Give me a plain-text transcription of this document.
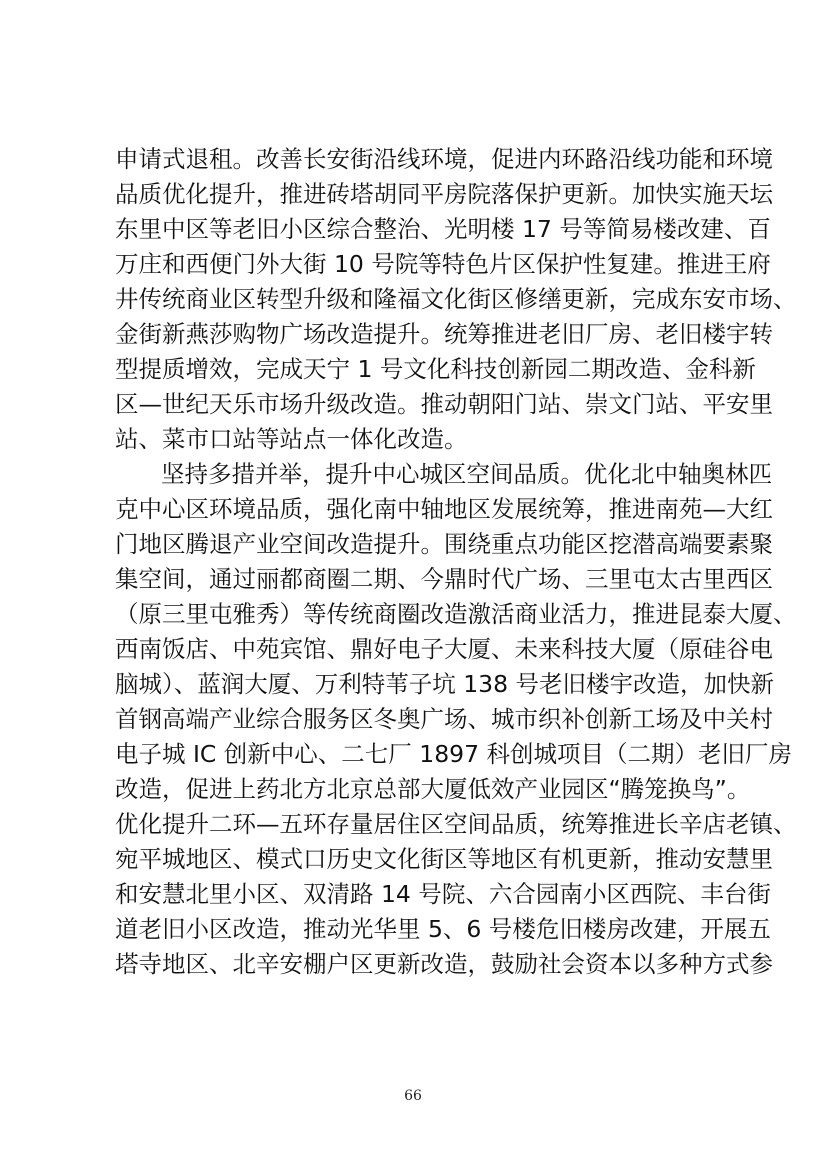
申请式退租。改善长安街沿线环境，促进内环路沿线功能和环境
品质优化提升，推进砖塔胡同平房院落保护更新。加快实施天坛
东里中区等老旧小区综合整治、光明楼 17 号等简易楼改建、百
万庄和西便门外大街 10 号院等特色片区保护性复建。推进王府
井传统商业区转型升级和隆福文化街区修缮更新，完成东安市场、
金街新燕莎购物广场改造提升。统筹推进老旧厂房、老旧楼宇转
型提质增效，完成天宁 1 号文化科技创新园二期改造、金科新
区—世纪天乐市场升级改造。推动朝阳门站、崇文门站、平安里
站、菜市口站等站点一体化改造。
坚持多措并举，提升中心城区空间品质。优化北中轴奥林匹
克中心区环境品质，强化南中轴地区发展统筹，推进南苑—大红
门地区腾退产业空间改造提升。围绕重点功能区挖潜高端要素聚
集空间，通过丽都商圈二期、今鼎时代广场、三里屯太古里西区
（原三里屯雅秀）等传统商圈改造激活商业活力，推进昆泰大厦、
西南饭店、中苑宾馆、鼎好电子大厦、未来科技大厦（原硅谷电
脑城）、蓝润大厦、万利特苇子坑 138 号老旧楼宇改造，加快新
首钢高端产业综合服务区冬奥广场、城市织补创新工场及中关村
电子城 IC 创新中心、二七厂 1897 科创城项目（二期）老旧厂房
改造，促进上药北方北京总部大厦低效产业园区“腾笼换鸟”。
优化提升二环—五环存量居住区空间品质，统筹推进长辛店老镇、
宛平城地区、模式口历史文化街区等地区有机更新，推动安慧里
和安慧北里小区、双清路 14 号院、六合园南小区西院、丰台街
道老旧小区改造，推动光华里 5、6 号楼危旧楼房改建，开展五
塔寺地区、北辛安棚户区更新改造，鼓励社会资本以多种方式参
66
